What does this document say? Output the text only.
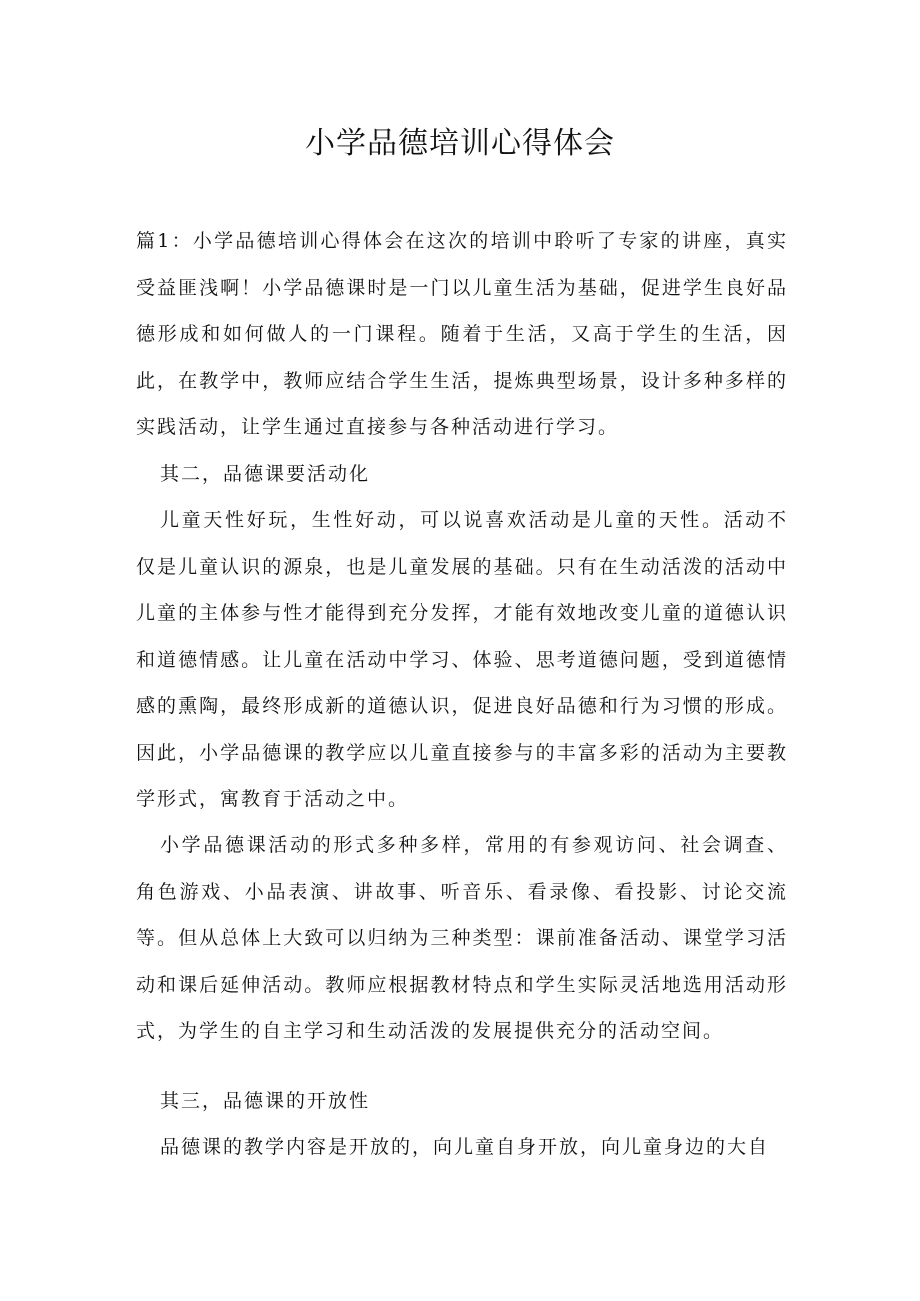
小学品德培训心得体会

篇1：小学品德培训心得体会在这次的培训中聆听了专家的讲座，真实受益匪浅啊！小学品德课时是一门以儿童生活为基础，促进学生良好品德形成和如何做人的一门课程。随着于生活，又高于学生的生活，因此，在教学中，教师应结合学生生活，提炼典型场景，设计多种多样的实践活动，让学生通过直接参与各种活动进行学习。

其二，品德课要活动化

儿童天性好玩，生性好动，可以说喜欢活动是儿童的天性。活动不仅是儿童认识的源泉，也是儿童发展的基础。只有在生动活泼的活动中儿童的主体参与性才能得到充分发挥，才能有效地改变儿童的道德认识和道德情感。让儿童在活动中学习、体验、思考道德问题，受到道德情感的熏陶，最终形成新的道德认识，促进良好品德和行为习惯的形成。因此，小学品德课的教学应以儿童直接参与的丰富多彩的活动为主要教学形式，寓教育于活动之中。

小学品德课活动的形式多种多样，常用的有参观访问、社会调查、角色游戏、小品表演、讲故事、听音乐、看录像、看投影、讨论交流等。但从总体上大致可以归纳为三种类型：课前准备活动、课堂学习活动和课后延伸活动。教师应根据教材特点和学生实际灵活地选用活动形式，为学生的自主学习和生动活泼的发展提供充分的活动空间。

其三，品德课的开放性

品德课的教学内容是开放的，向儿童自身开放，向儿童身边的大自
